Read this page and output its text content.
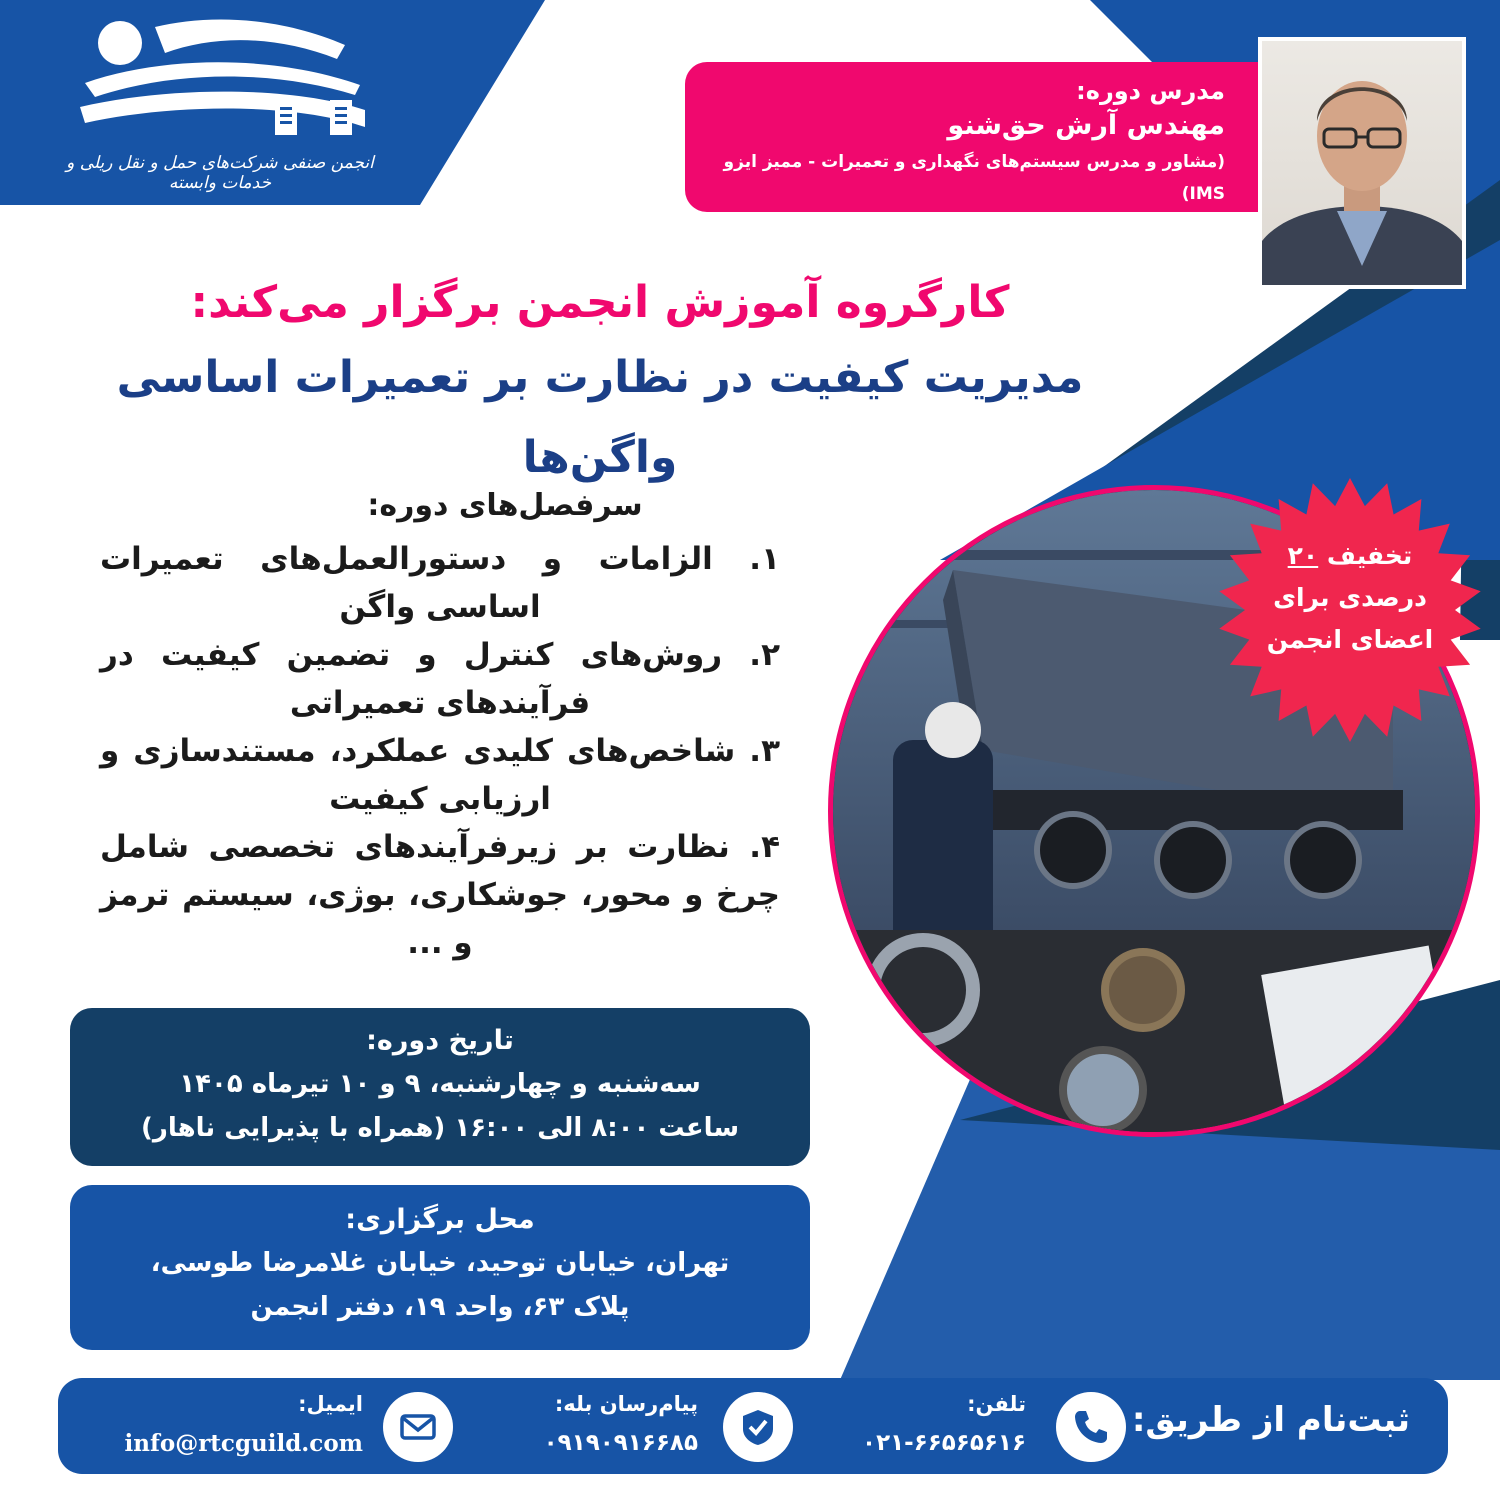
انجمن صنفی شرکت‌های حمل و نقل ریلی و خدمات وابسته
مدرس دوره:
مهندس آرش حق‌شنو
(مشاور و مدرس سیستم‌های نگهداری و تعمیرات - ممیز ایزو IMS)
کارگروه آموزش انجمن برگزار می‌کند:
مدیریت کیفیت در نظارت بر تعمیرات اساسی واگن‌ها
سرفصل‌های دوره:
۱. الزامات و دستورالعمل‌های تعمیرات اساسی واگن
۲. روش‌های کنترل و تضمین کیفیت در فرآیندهای تعمیراتی
۳. شاخص‌های کلیدی عملکرد، مستندسازی و ارزیابی کیفیت
۴. نظارت بر زیرفرآیندهای تخصصی شامل چرخ و محور، جوشکاری، بوژی، سیستم ترمز و ...
تخفیف ۲۰
درصدی برای
اعضای انجمن
تاریخ دوره:
سه‌شنبه و چهارشنبه، ۹ و ۱۰ تیرماه ۱۴۰۵
ساعت ۸:۰۰ الی ۱۶:۰۰ (همراه با پذیرایی ناهار)
محل برگزاری:
تهران، خیابان توحید، خیابان غلامرضا طوسی،
پلاک ۶۳، واحد ۱۹، دفتر انجمن
ثبت‌نام از طریق:
تلفن:
۰۲۱-۶۶۵۶۵۶۱۶
پیام‌رسان بله:
۰۹۱۹۰۹۱۶۶۸۵
ایمیل:
info@rtcguild.com
